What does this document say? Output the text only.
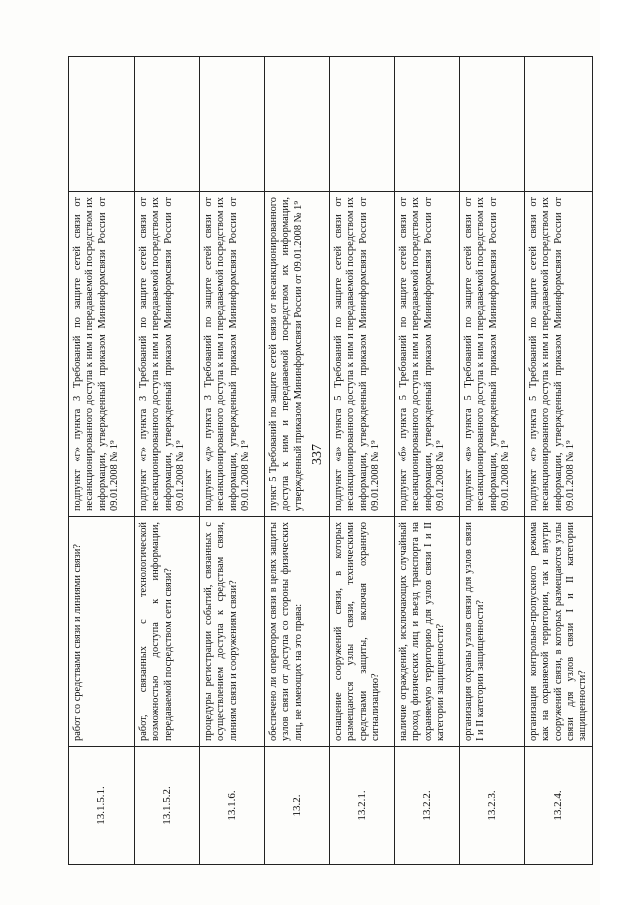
337
13.1.5.1.	работ со средствами связи и линиями связи?	подпункт «г» пункта 3 Требований по защите сетей связи от несанкционированного доступа к ним и передаваемой посредством их информации, утвержденный приказом Мининформсвязи России от 09.01.2008 № 1⁹	
13.1.5.2.	работ, связанных с технологической возможностью доступа к информации, передаваемой посредством сети связи?	подпункт «г» пункта 3 Требований по защите сетей связи от несанкционированного доступа к ним и передаваемой посредством их информации, утвержденный приказом Мининформсвязи России от 09.01.2008 № 1⁹	
13.1.6.	процедуры регистрации событий, связанных с осуществлением доступа к средствам связи, линиям связи и сооружениям связи?	подпункт «д» пункта 3 Требований по защите сетей связи от несанкционированного доступа к ним и передаваемой посредством их информации, утвержденный приказом Мининформсвязи России от 09.01.2008 № 1⁹	
13.2.	обеспечено ли оператором связи в целях защиты узлов связи от доступа со стороны физических лиц, не имеющих на это права:	пункт 5 Требований по защите сетей связи от несанкционированного доступа к ним и передаваемой посредством их информации, утвержденный приказом Мининформсвязи России от 09.01.2008 № 1⁹	
13.2.1.	оснащение сооружений связи, в которых размещаются узлы связи, техническими средствами защиты, включая охранную сигнализацию?	подпункт «а» пункта 5 Требований по защите сетей связи от несанкционированного доступа к ним и передаваемой посредством их информации, утвержденный приказом Мининформсвязи России от 09.01.2008 № 1⁹	
13.2.2.	наличие ограждений, исключающих случайный проход физических лиц и въезд транспорта на охраняемую территорию для узлов связи I и II категории защищенности?	подпункт «б» пункта 5 Требований по защите сетей связи от несанкционированного доступа к ним и передаваемой посредством их информации, утвержденный приказом Мининформсвязи России от 09.01.2008 № 1⁹	
13.2.3.	организация охраны узлов связи для узлов связи I и II категории защищенности?	подпункт «в» пункта 5 Требований по защите сетей связи от несанкционированного доступа к ним и передаваемой посредством их информации, утвержденный приказом Мининформсвязи России от 09.01.2008 № 1⁹	
13.2.4.	организация контрольно-пропускного режима как на охраняемой территории, так и внутри сооружений связи, в которых размещаются узлы связи для узлов связи I и II категории защищенности?	подпункт «г» пункта 5 Требований по защите сетей связи от несанкционированного доступа к ним и передаваемой посредством их информации, утвержденный приказом Мининформсвязи России от 09.01.2008 № 1⁹	
